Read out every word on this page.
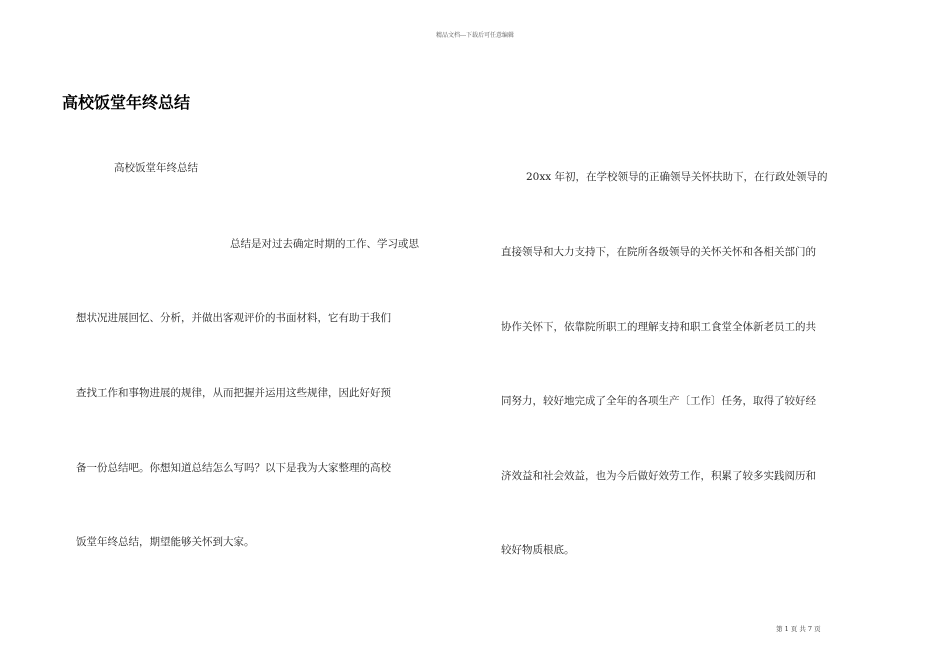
精品文档---下载后可任意编辑
高校饭堂年终总结
高校饭堂年终总结
总结是对过去确定时期的工作、学习或思
想状况进展回忆、分析，并做出客观评价的书面材料，它有助于我们
查找工作和事物进展的规律，从而把握并运用这些规律，因此好好预
备一份总结吧。你想知道总结怎么写吗？以下是我为大家整理的高校
饭堂年终总结，期望能够关怀到大家。
20xx 年初，在学校领导的正确领导关怀扶助下，在行政处领导的
直接领导和大力支持下，在院所各级领导的关怀关怀和各相关部门的
协作关怀下，依靠院所职工的理解支持和职工食堂全体新老员工的共
同努力，较好地完成了全年的各项生产〔工作〕任务，取得了较好经
济效益和社会效益，也为今后做好效劳工作，积累了较多实践阅历和
较好物质根底。
第 1 页 共 7 页
